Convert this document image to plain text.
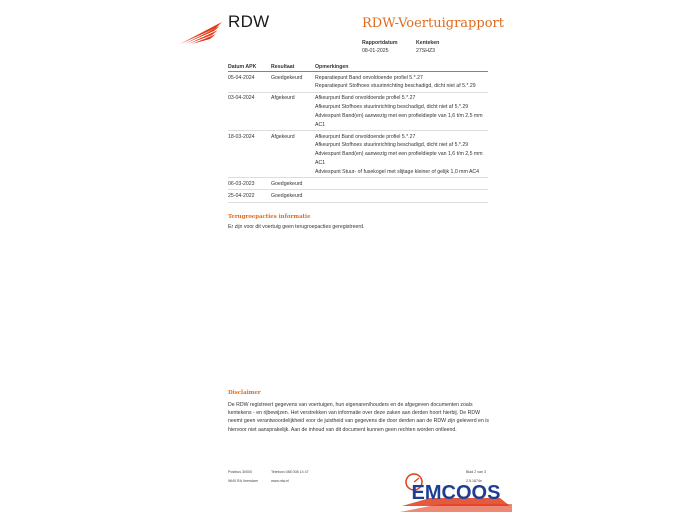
RDW	RDW-Voertuigrapport
Rapportdatum
08-01-2025
Kenteken
27SHZ3
Datum APK	Resultaat	Opmerkingen
05-04-2024	Goedgekeurd	Reparatiepunt Band onvoldoende profiel 5.*.27
Reparatiepunt Stofhoes stuurinrichting beschadigd, dicht niet af 5.*.29

03-04-2024	Afgekeurd	Afkeurpunt Band onvoldoende profiel 5.*.27
Afkeurpunt Stofhoes stuurinrichting beschadigd, dicht niet af 5.*.29
Adviespunt Band(en) aanwezig met een profieldiepte van 1,6 t/m 2,5 mm AC1

18-03-2024	Afgekeurd	Afkeurpunt Band onvoldoende profiel 5.*.27
Afkeurpunt Stofhoes stuurinrichting beschadigd, dicht niet af 5.*.29
Adviespunt Band(en) aanwezig met een profieldiepte van 1,6 t/m 2,5 mm AC1
Adviespunt Stuur- of fusekogel met slijtage kleiner of gelijk 1,0 mm AC4

06-03-2023	Goedgekeurd	
25-04-2022	Goedgekeurd	
Terugroepacties informatie
Er zijn voor dit voertuig geen terugroepacties geregistreerd.
Disclaimer
De RDW registreert gegevens van voertuigen, hun eigenaren/houders en de afgegeven documenten zoals kentekens - en rijbewijzen. Het verstrekken van informatie over deze zaken aan derden hoort hierbij. De RDW neemt geen verantwoordelijkheid voor de juistheid van gegevens die door derden aan de RDW zijn geleverd en is hiervoor niet aansprakelijk. Aan de inhoud van dit document kunnen geen rechten worden ontleend.
Postbus 30000
9640 RA Veendam
Telefoon 088 008 14 47
www.rdw.nl
Blad 2 van 3
2.5.1674e
EMCOOS
